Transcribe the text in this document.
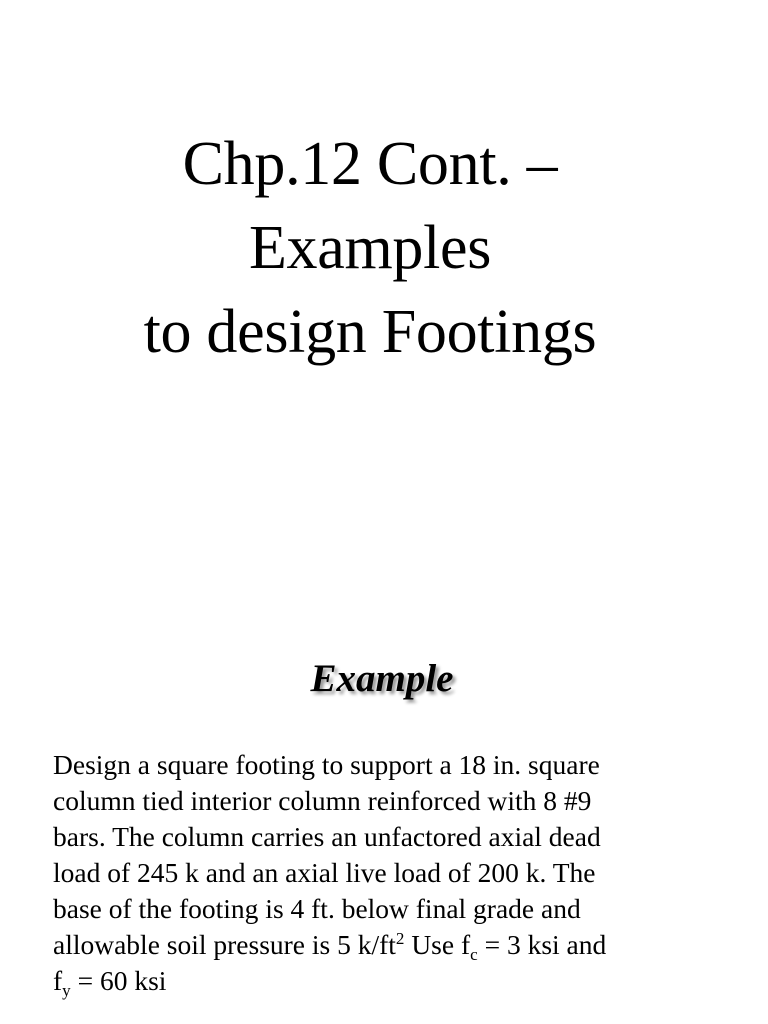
Chp.12 Cont. –
Examples
to design Footings
Example
Design a square footing to support a 18 in. square
column tied interior column reinforced with 8 #9
bars. The column carries an unfactored axial dead
load of 245 k and an axial live load of 200 k. The
base of the footing is 4 ft. below final grade and
allowable soil pressure is 5 $k/ft^2$ Use $f_c = 3$ ksi and
$f_y = 60$ ksi
